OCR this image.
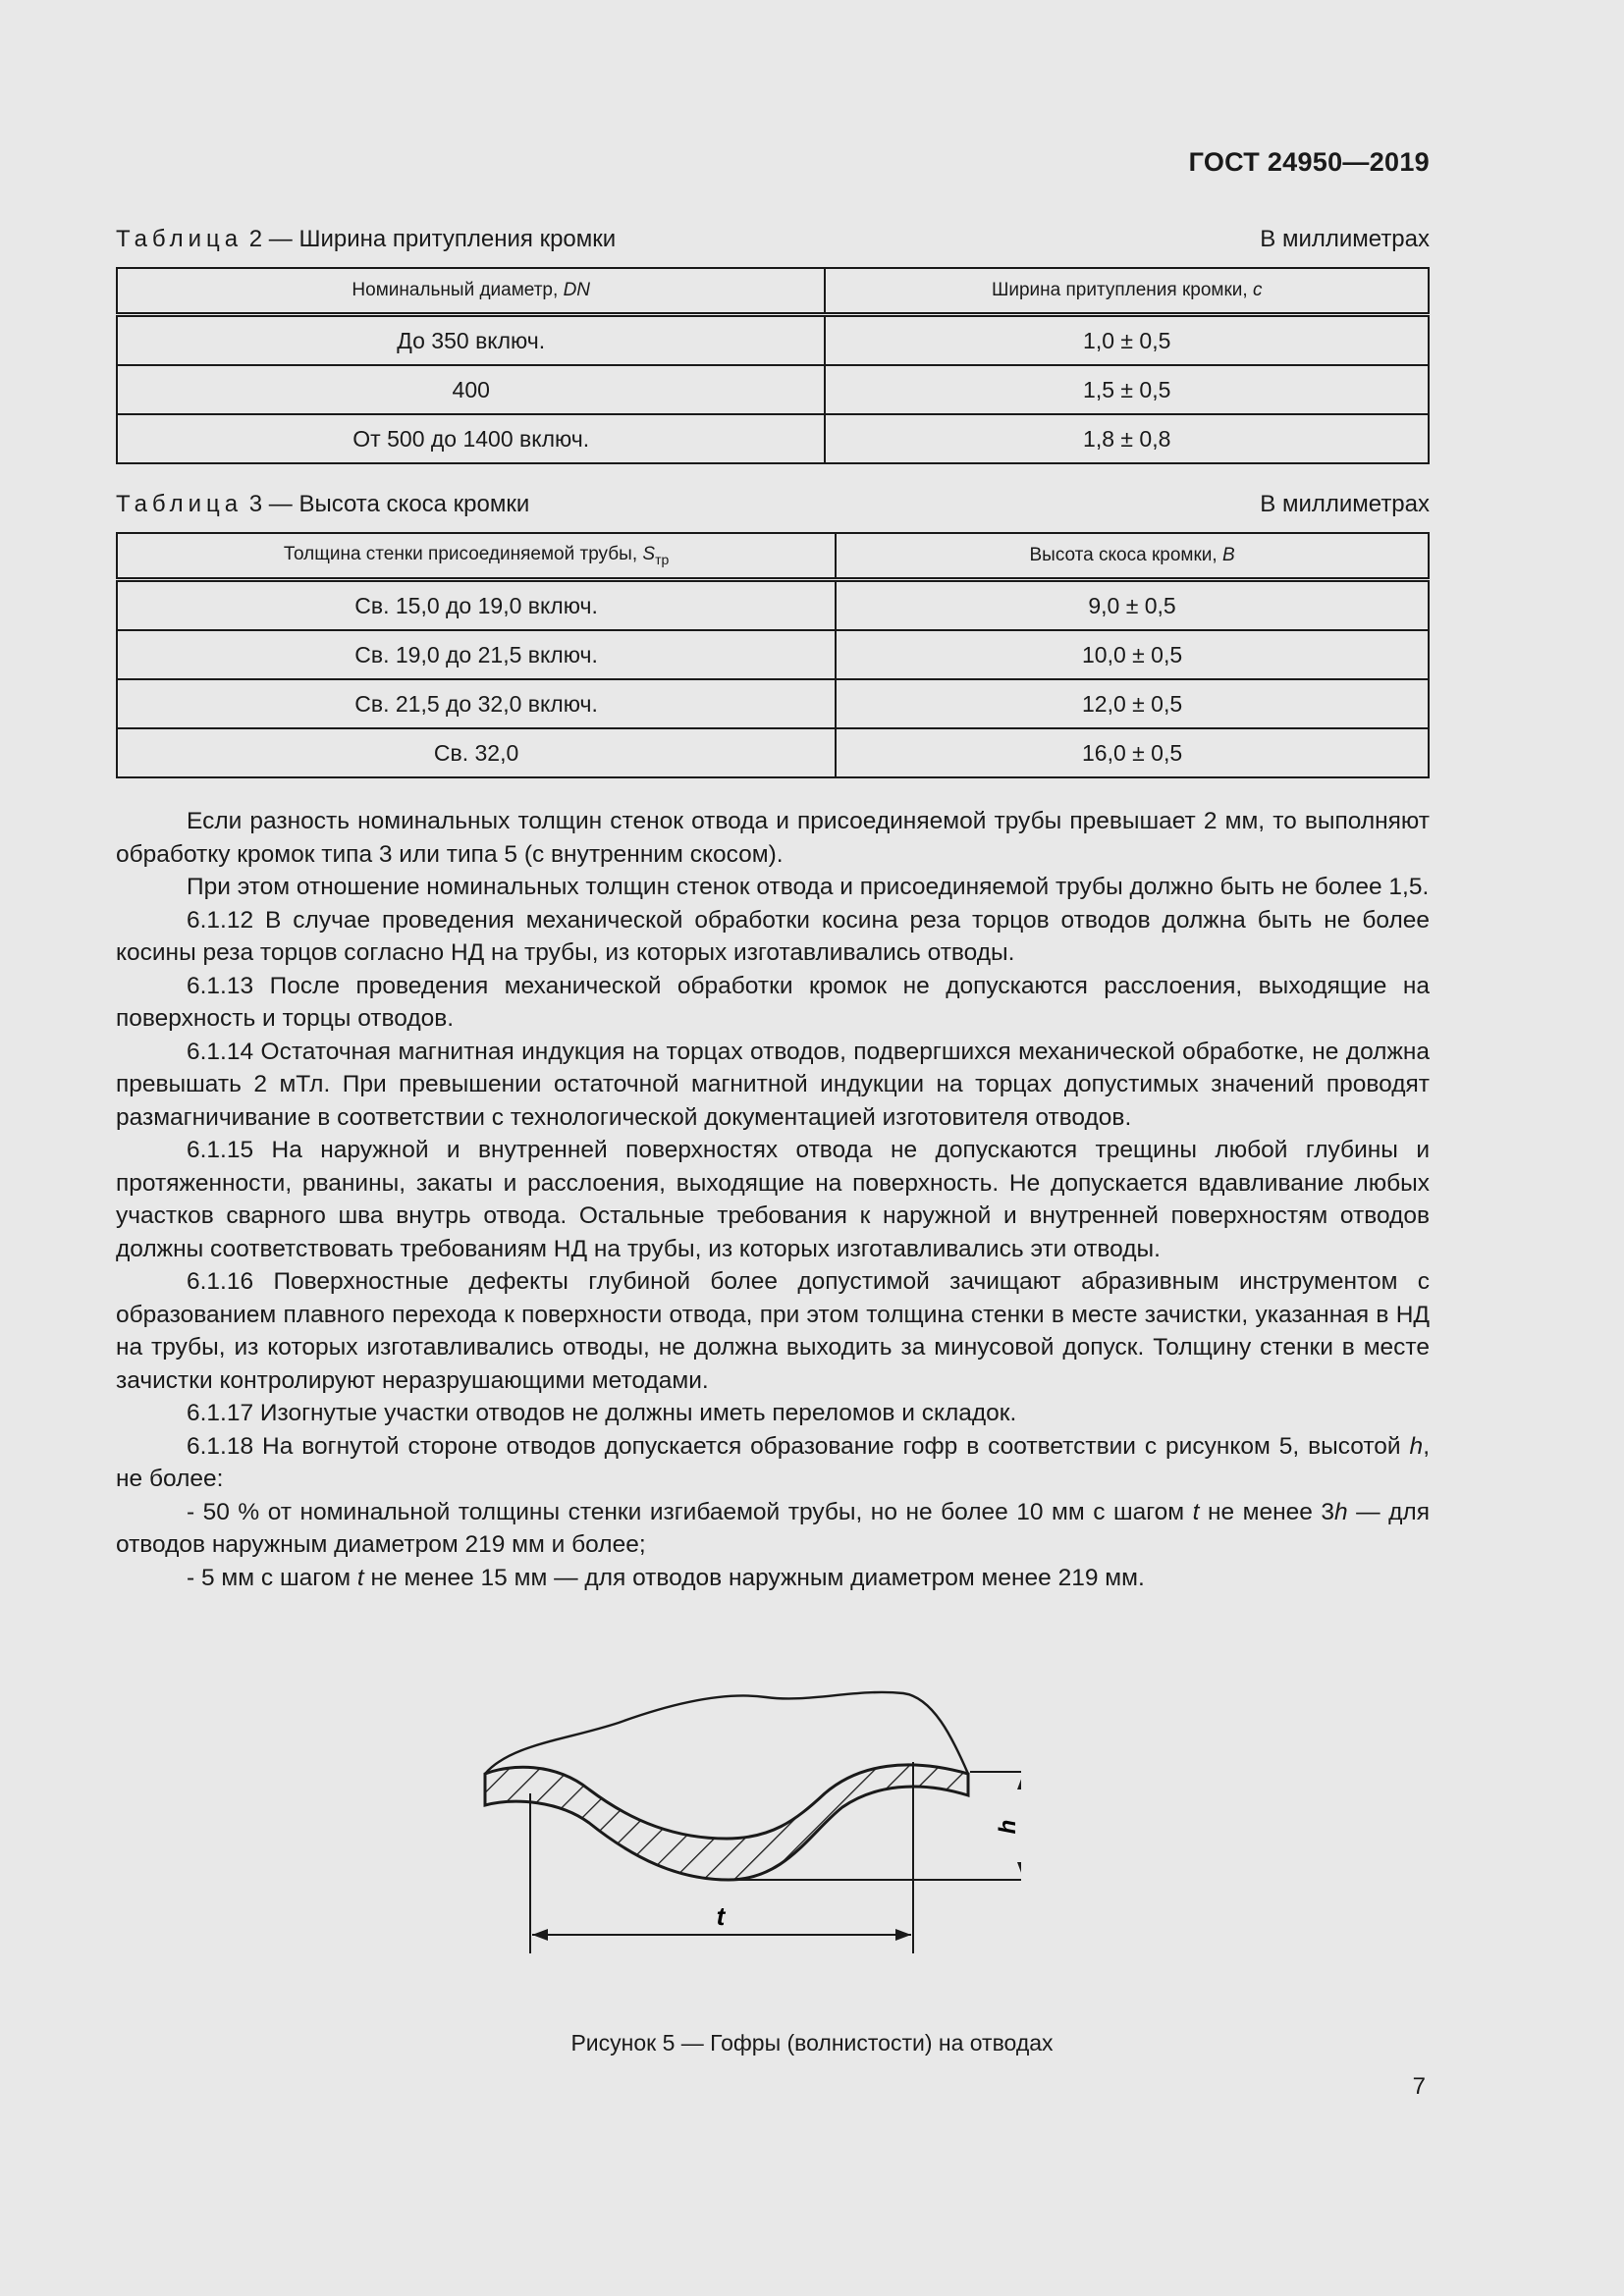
ГОСТ 24950—2019
Таблица 2 — Ширина притупления кромки	В миллиметрах
Номинальный диаметр, DN	Ширина притупления кромки, c
До 350 включ.	1,0 ± 0,5
400	1,5 ± 0,5
От 500 до 1400 включ.	1,8 ± 0,8
Таблица 3 — Высота скоса кромки	В миллиметрах
Толщина стенки присоединяемой трубы, $S_{тр}$	Высота скоса кромки, B
Св. 15,0 до 19,0 включ.	9,0 ± 0,5
Св. 19,0 до 21,5 включ.	10,0 ± 0,5
Св. 21,5 до 32,0 включ.	12,0 ± 0,5
Св. 32,0	16,0 ± 0,5

Если разность номинальных толщин стенок отвода и присоединяемой трубы превышает 2 мм, то выполняют обработку кромок типа 3 или типа 5 (с внутренним скосом).

При этом отношение номинальных толщин стенок отвода и присоединяемой трубы должно быть не более 1,5.

6.1.12 В случае проведения механической обработки косина реза торцов отводов должна быть не более косины реза торцов согласно НД на трубы, из которых изготавливались отводы.

6.1.13 После проведения механической обработки кромок не допускаются расслоения, выходящие на поверхность и торцы отводов.

6.1.14 Остаточная магнитная индукция на торцах отводов, подвергшихся механической обработке, не должна превышать 2 мТл. При превышении остаточной магнитной индукции на торцах допустимых значений проводят размагничивание в соответствии с технологической документацией изготовителя отводов.

6.1.15 На наружной и внутренней поверхностях отвода не допускаются трещины любой глубины и протяженности, рванины, закаты и расслоения, выходящие на поверхность. Не допускается вдавливание любых участков сварного шва внутрь отвода. Остальные требования к наружной и внутренней поверхностям отводов должны соответствовать требованиям НД на трубы, из которых изготавливались эти отводы.

6.1.16 Поверхностные дефекты глубиной более допустимой зачищают абразивным инструментом с образованием плавного перехода к поверхности отвода, при этом толщина стенки в месте зачистки, указанная в НД на трубы, из которых изготавливались отводы, не должна выходить за минусовой допуск. Толщину стенки в месте зачистки контролируют неразрушающими методами.

6.1.17 Изогнутые участки отводов не должны иметь переломов и складок.

6.1.18 На вогнутой стороне отводов допускается образование гофр в соответствии с рисунком 5, высотой h, не более:

- 50 % от номинальной толщины стенки изгибаемой трубы, но не более 10 мм с шагом t не менее 3h — для отводов наружным диаметром 219 мм и более;

- 5 мм с шагом t не менее 15 мм — для отводов наружным диаметром менее 219 мм.

h
t
Рисунок 5 — Гофры (волнистости) на отводах
7
